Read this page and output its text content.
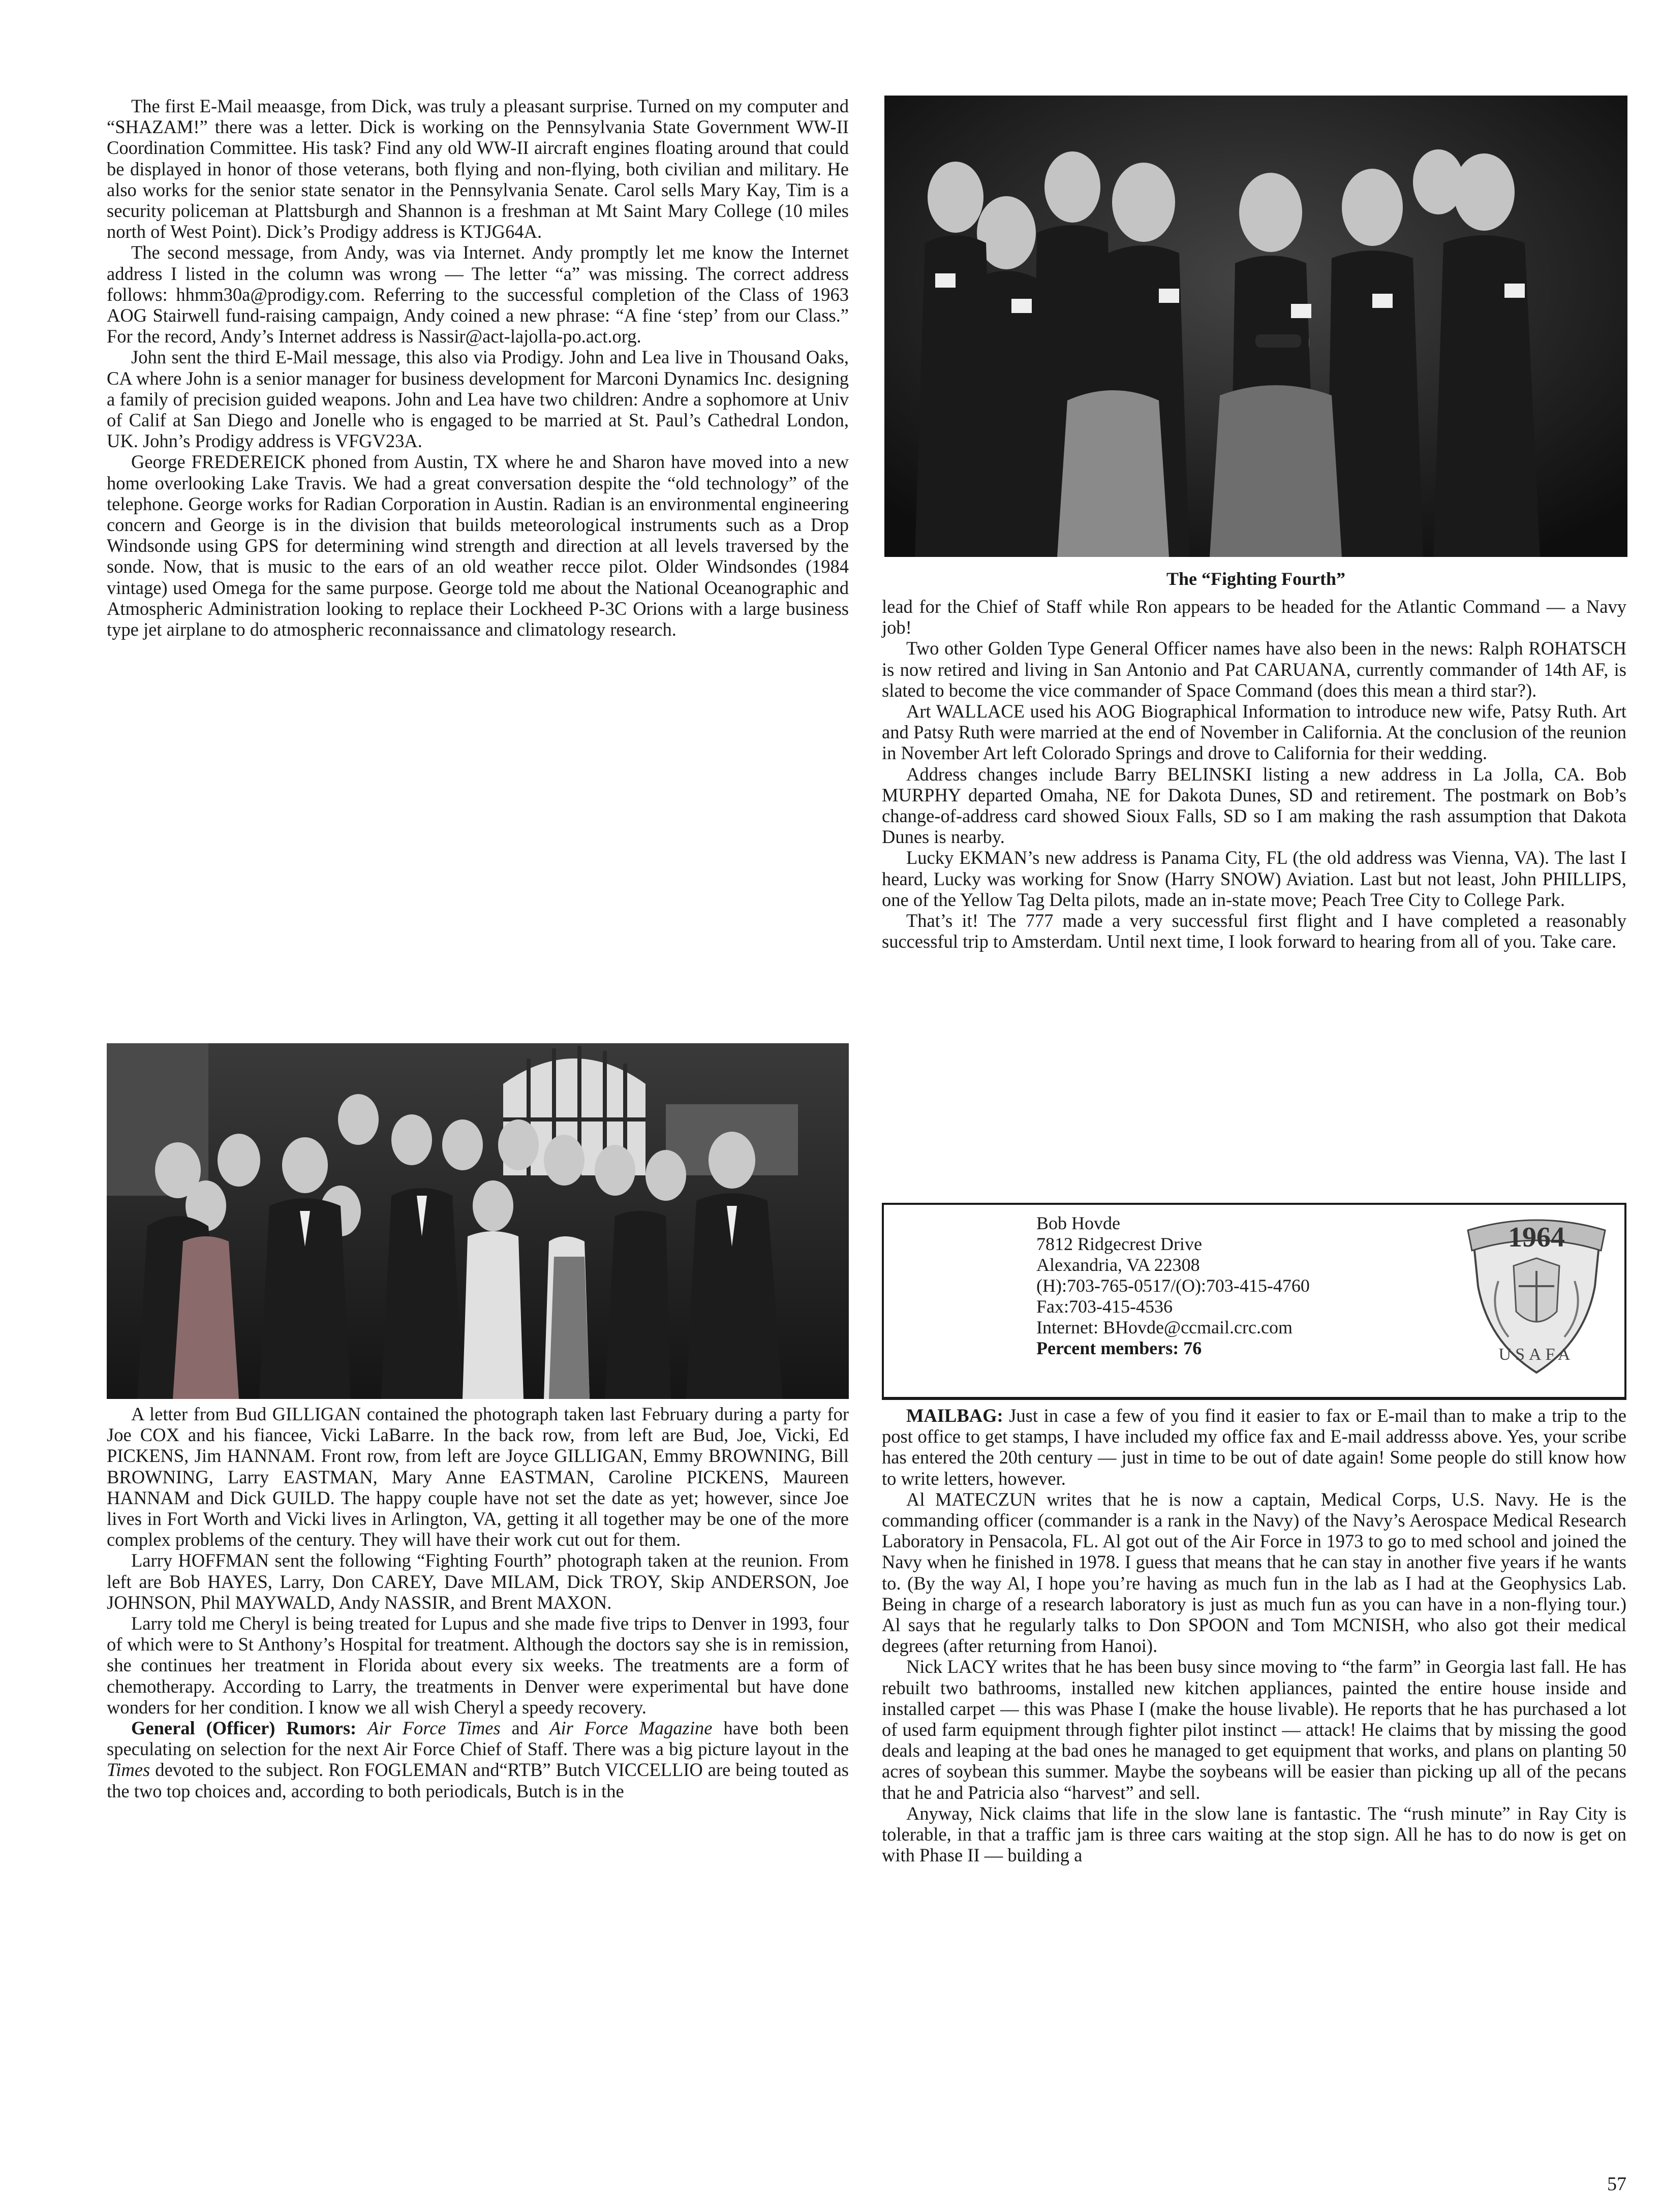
The first E-Mail meaasge, from Dick, was truly a pleasant surprise. Turned on my computer and “SHAZAM!” there was a letter. Dick is working on the Pennsylvania State Government WW-II Coordination Committee. His task? Find any old WW-II aircraft engines floating around that could be displayed in honor of those veterans, both flying and non-flying, both civilian and military. He also works for the senior state senator in the Pennsylvania Senate. Carol sells Mary Kay, Tim is a security policeman at Plattsburgh and Shannon is a freshman at Mt Saint Mary College (10 miles north of West Point). Dick’s Prodigy address is KTJG64A.

The second message, from Andy, was via Internet. Andy promptly let me know the Internet address I listed in the column was wrong — The letter “a” was missing. The correct address follows: hhmm30a@prodigy.com. Referring to the successful completion of the Class of 1963 AOG Stairwell fund-raising campaign, Andy coined a new phrase: “A fine ‘step’ from our Class.” For the record, Andy’s Internet address is Nassir@act-lajolla-po.act.org.

John sent the third E-Mail message, this also via Prodigy. John and Lea live in Thousand Oaks, CA where John is a senior manager for business development for Marconi Dynamics Inc. designing a family of precision guided weapons. John and Lea have two children: Andre a sophomore at Univ of Calif at San Diego and Jonelle who is engaged to be married at St. Paul’s Cathedral London, UK. John’s Prodigy address is VFGV23A.

George FREDEREICK phoned from Austin, TX where he and Sharon have moved into a new home overlooking Lake Travis. We had a great conversation despite the “old technology” of the telephone. George works for Radian Corporation in Austin. Radian is an environmental engineering concern and George is in the division that builds meteorological instruments such as a Drop Windsonde using GPS for determining wind strength and direction at all levels traversed by the sonde. Now, that is music to the ears of an old weather recce pilot. Older Windsondes (1984 vintage) used Omega for the same purpose. George told me about the National Oceanographic and Atmospheric Administration looking to replace their Lockheed P-3C Orions with a large business type jet airplane to do atmospheric reconnaissance and climatology research.

A letter from Bud GILLIGAN contained the photograph taken last February during a party for Joe COX and his fiancee, Vicki LaBarre. In the back row, from left are Bud, Joe, Vicki, Ed PICKENS, Jim HANNAM. Front row, from left are Joyce GILLIGAN, Emmy BROWNING, Bill BROWNING, Larry EASTMAN, Mary Anne EASTMAN, Caroline PICKENS, Maureen HANNAM and Dick GUILD. The happy couple have not set the date as yet; however, since Joe lives in Fort Worth and Vicki lives in Arlington, VA, getting it all together may be one of the more complex problems of the century. They will have their work cut out for them.

Larry HOFFMAN sent the following “Fighting Fourth” photograph taken at the reunion. From left are Bob HAYES, Larry, Don CAREY, Dave MILAM, Dick TROY, Skip ANDERSON, Joe JOHNSON, Phil MAYWALD, Andy NASSIR, and Brent MAXON.

Larry told me Cheryl is being treated for Lupus and she made five trips to Denver in 1993, four of which were to St Anthony’s Hospital for treatment. Although the doctors say she is in remission, she continues her treatment in Florida about every six weeks. The treatments are a form of chemotherapy. According to Larry, the treatments in Denver were experimental but have done wonders for her condition. I know we all wish Cheryl a speedy recovery.

General (Officer) Rumors: Air Force Times and Air Force Magazine have both been speculating on selection for the next Air Force Chief of Staff. There was a big picture layout in the Times devoted to the subject. Ron FOGLEMAN and“RTB” Butch VICCELLIO are being touted as the two top choices and, according to both periodicals, Butch is in the

The “Fighting Fourth”

lead for the Chief of Staff while Ron appears to be headed for the Atlantic Command — a Navy job!

Two other Golden Type General Officer names have also been in the news: Ralph ROHATSCH is now retired and living in San Antonio and Pat CARUANA, currently commander of 14th AF, is slated to become the vice commander of Space Command (does this mean a third star?).

Art WALLACE used his AOG Biographical Information to introduce new wife, Patsy Ruth. Art and Patsy Ruth were married at the end of November in California. At the conclusion of the reunion in November Art left Colorado Springs and drove to California for their wedding.

Address changes include Barry BELINSKI listing a new address in La Jolla, CA. Bob MURPHY departed Omaha, NE for Dakota Dunes, SD and retirement. The postmark on Bob’s change-of-address card showed Sioux Falls, SD so I am making the rash assumption that Dakota Dunes is nearby.

Lucky EKMAN’s new address is Panama City, FL (the old address was Vienna, VA). The last I heard, Lucky was working for Snow (Harry SNOW) Aviation. Last but not least, John PHILLIPS, one of the Yellow Tag Delta pilots, made an in-state move; Peach Tree City to College Park.

That’s it! The 777 made a very successful first flight and I have completed a reasonably successful trip to Amsterdam. Until next time, I look forward to hearing from all of you. Take care.

Bob Hovde
7812 Ridgecrest Drive
Alexandria, VA 22308
(H):703-765-0517/(O):703-415-4760
Fax:703-415-4536
Internet: BHovde@ccmail.crc.com
Percent members: 76
1964
USAFA

MAILBAG: Just in case a few of you find it easier to fax or E-mail than to make a trip to the post office to get stamps, I have included my office fax and E-mail addresss above. Yes, your scribe has entered the 20th century — just in time to be out of date again! Some people do still know how to write letters, however.

Al MATECZUN writes that he is now a captain, Medical Corps, U.S. Navy. He is the commanding officer (commander is a rank in the Navy) of the Navy’s Aerospace Medical Research Laboratory in Pensacola, FL. Al got out of the Air Force in 1973 to go to med school and joined the Navy when he finished in 1978. I guess that means that he can stay in another five years if he wants to. (By the way Al, I hope you’re having as much fun in the lab as I had at the Geophysics Lab. Being in charge of a research laboratory is just as much fun as you can have in a non-flying tour.) Al says that he regularly talks to Don SPOON and Tom MCNISH, who also got their medical degrees (after returning from Hanoi).

Nick LACY writes that he has been busy since moving to “the farm” in Georgia last fall. He has rebuilt two bathrooms, installed new kitchen appliances, painted the entire house inside and installed carpet — this was Phase I (make the house livable). He reports that he has purchased a lot of used farm equipment through fighter pilot instinct — attack! He claims that by missing the good deals and leaping at the bad ones he managed to get equipment that works, and plans on planting 50 acres of soybean this summer. Maybe the soybeans will be easier than picking up all of the pecans that he and Patricia also “harvest” and sell.

Anyway, Nick claims that life in the slow lane is fantastic. The “rush minute” in Ray City is tolerable, in that a traffic jam is three cars waiting at the stop sign. All he has to do now is get on with Phase II — building a

57
